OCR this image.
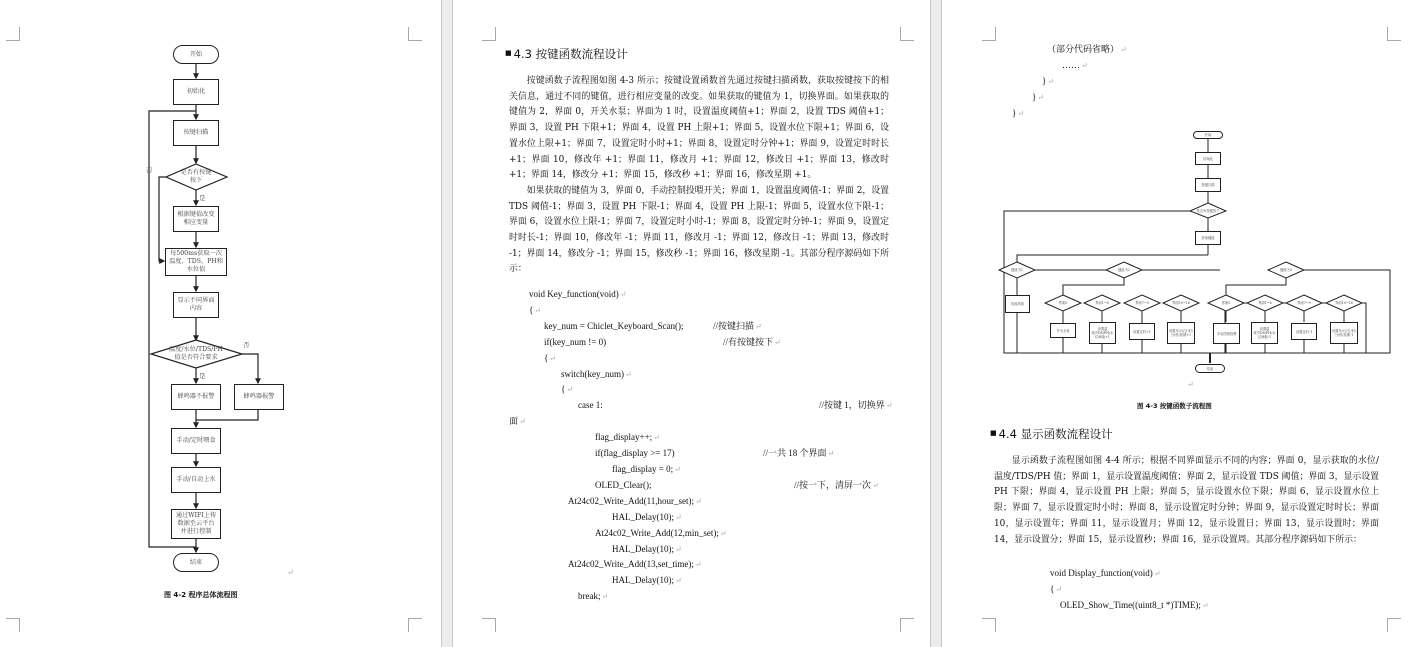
开始
初始化
按键扫描
是否有按键按下
否
是
根据键值改变相应变量
每500ms获取一次温度、TDS、PH和水位值
显示不同界面内容
温度/水位/TDS/PH值是否符合要求
否
是
蜂鸣器不报警	蜂鸣器报警
手动/定时喂食
手动/自动上水
通过WIFI上传数据至云平台并进行控制
结束
↵
图 4-2 程序总体流程图
■ 4.3 按键函数流程设计

按键函数子流程图如图 4-3 所示；按键设置函数首先通过按键扫描函数，获取按键按下的相关信息，通过不同的键值，进行相应变量的改变。如果获取的键值为 1，切换界面。如果获取的键值为 2，界面 0，开关水泵；界面为 1 时，设置温度阈值+1；界面 2，设置 TDS 阈值+1；界面 3，设置 PH 下限+1；界面 4，设置 PH 上限+1；界面 5，设置水位下限+1；界面 6，设置水位上限+1；界面 7，设置定时小时+1；界面 8，设置定时分钟+1；界面 9，设置定时时长+1；界面 10，修改年 +1；界面 11，修改月 +1；界面 12，修改日 +1；界面 13，修改时 +1；界面 14，修改分 +1；界面 15，修改秒 +1；界面 16，修改星期 +1。

如果获取的键值为 3，界面 0，手动控制投喂开关；界面 1，设置温度阈值-1；界面 2，设置 TDS 阈值-1；界面 3，设置 PH 下限-1；界面 4，设置 PH 上限-1；界面 5，设置水位下限-1；界面 6，设置水位上限-1；界面 7，设置定时小时-1；界面 8，设置定时分钟-1；界面 9，设置定时时长-1；界面 10，修改年 -1；界面 11，修改月 -1；界面 12，修改日 -1；界面 13，修改时 -1；界面 14，修改分 -1；界面 15，修改秒 -1；界面 16，修改星期 -1。其部分程序源码如下所示：

void Key_function(void)↵
{↵
key_num = Chiclet_Keyboard_Scan();	//按键扫描↵
if(key_num != 0)	//有按键按下↵
{↵
switch(key_num)↵
{↵
case 1:	//按键 1，切换界↵
面↵
flag_display++;↵
if(flag_display >= 17)	//一共 18 个界面↵
flag_display = 0;↵
OLED_Clear();	//按一下，清屏一次↵
At24c02_Write_Add(11,hour_set);↵
HAL_Delay(10);↵
At24c02_Write_Add(12,min_set);↵
HAL_Delay(10);↵
At24c02_Write_Add(13,set_time);↵
HAL_Delay(10);↵
break;↵
（部分代码省略）↵
……↵
}↵
}↵
}↵
开始
初始化
按键扫描
是否有按键按下
获取键值
键值为1	键值为2	键值为3
切换界面	界面0	界面1~6	界面7~9	界面10~16	界面0	界面1~6	界面7~9	界面10~16
开关水泵	设置温度/TDS/PH/水位阈值+1
设置定时+1	设置年/月/日/时/分/秒/星期+1	手动控制投喂
设置温度/TDS/PH/水位阈值-1
设置定时-1	设置年/月/日/时/分/秒/星期-1
结束
↵
图 4-3 按键函数子流程图
■ 4.4 显示函数流程设计

显示函数子流程图如图 4-4 所示；根据不同界面显示不同的内容；界面 0，显示获取的水位/温度/TDS/PH 值；界面 1，显示设置温度阈值；界面 2，显示设置 TDS 阈值；界面 3，显示设置 PH 下限；界面 4，显示设置 PH 上限；界面 5，显示设置水位下限；界面 6，显示设置水位上限；界面 7，显示设置定时小时；界面 8，显示设置定时分钟；界面 9，显示设置定时时长；界面 10，显示设置年；界面 11，显示设置月；界面 12，显示设置日；界面 13，显示设置时；界面 14，显示设置分；界面 15，显示设置秒；界面 16，显示设置周。其部分程序源码如下所示：

void Display_function(void)↵
{↵
OLED_Show_Time((uint8_t *)TIME);↵
